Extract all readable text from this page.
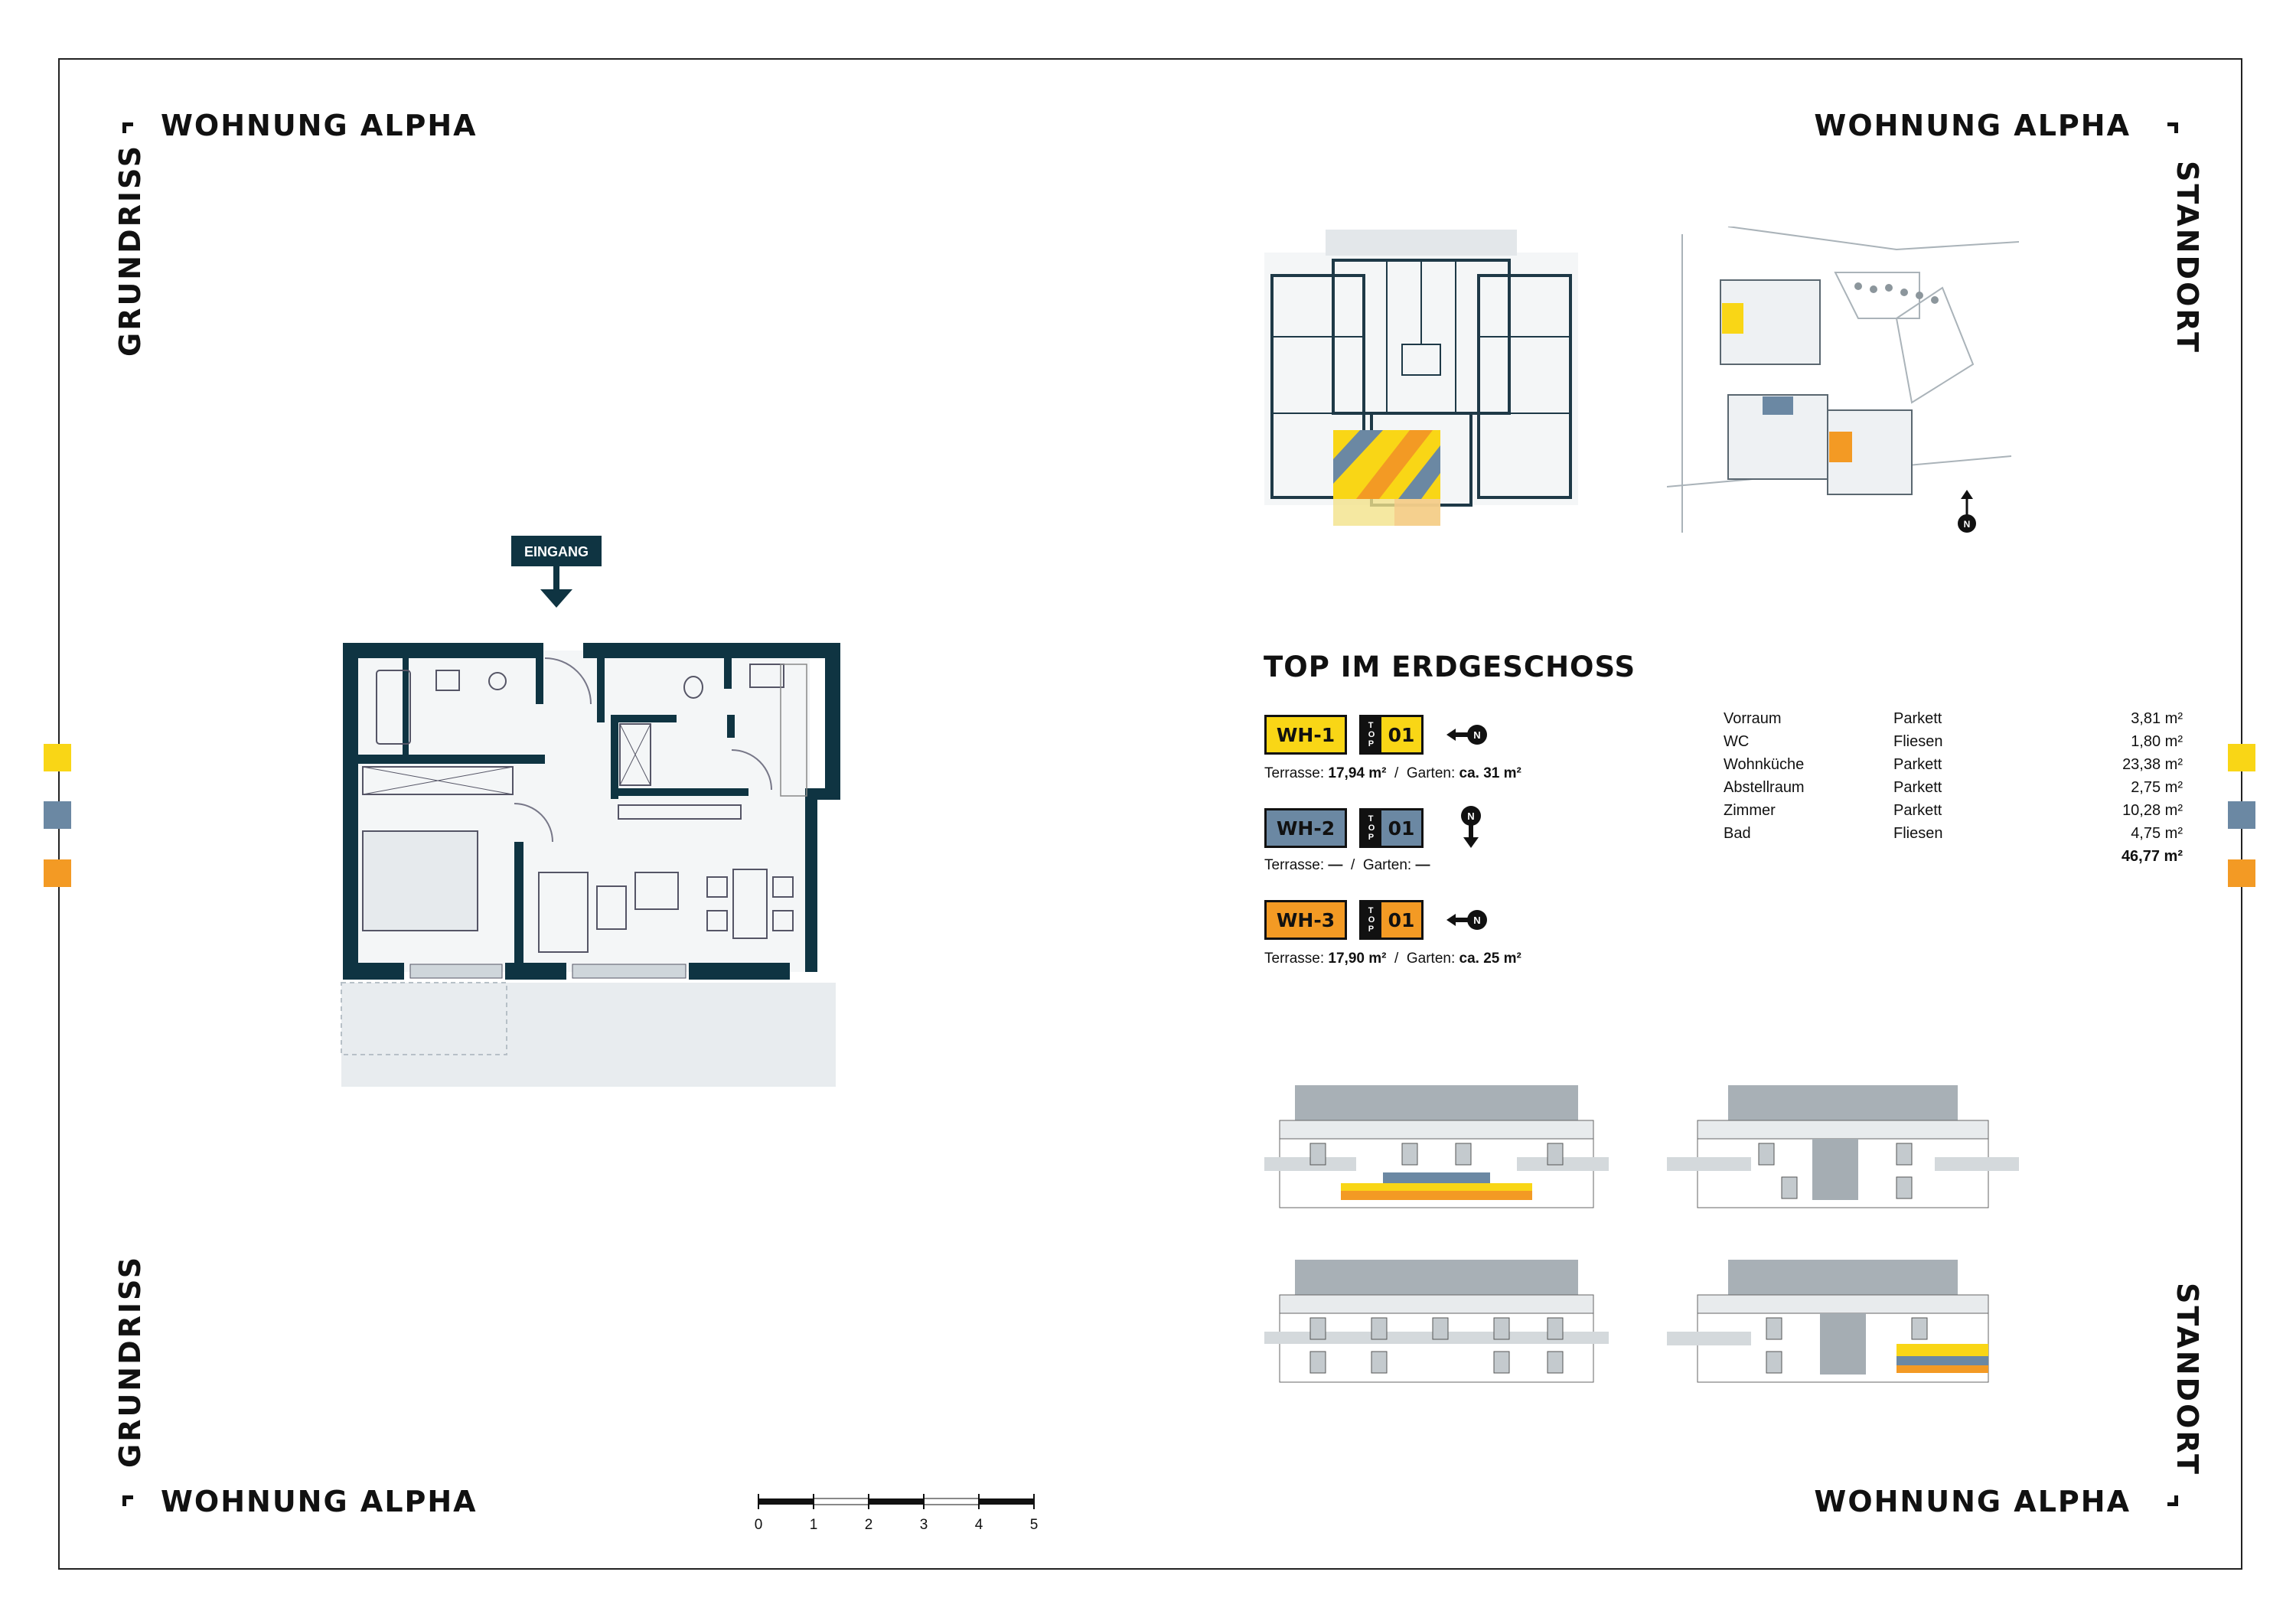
WOHNUNG ALPHA	WOHNUNG ALPHA
WOHNUNG ALPHA	WOHNUNG ALPHA
GRUNDRISS
GRUNDRISS
STANDORT
STANDORT
EINGANG
N
TOP IM ERDGESCHOSS
WH-1	T
O
P 01	N
Terrasse: 17,94 m² / Garten: ca. 31 m²
WH-2	T
O
P 01
N
Terrasse: — / Garten: —
WH-3	T
O
P 01	N
Terrasse: 17,90 m² / Garten: ca. 25 m²
Vorraum	Parkett	3,81 m²
WC	Fliesen	1,80 m²
Wohnküche	Parkett	23,38 m²
Abstellraum	Parkett	2,75 m²
Zimmer	Parkett	10,28 m²
Bad	Fliesen	4,75 m²
46,77 m²
0	1	2	3	4	5
